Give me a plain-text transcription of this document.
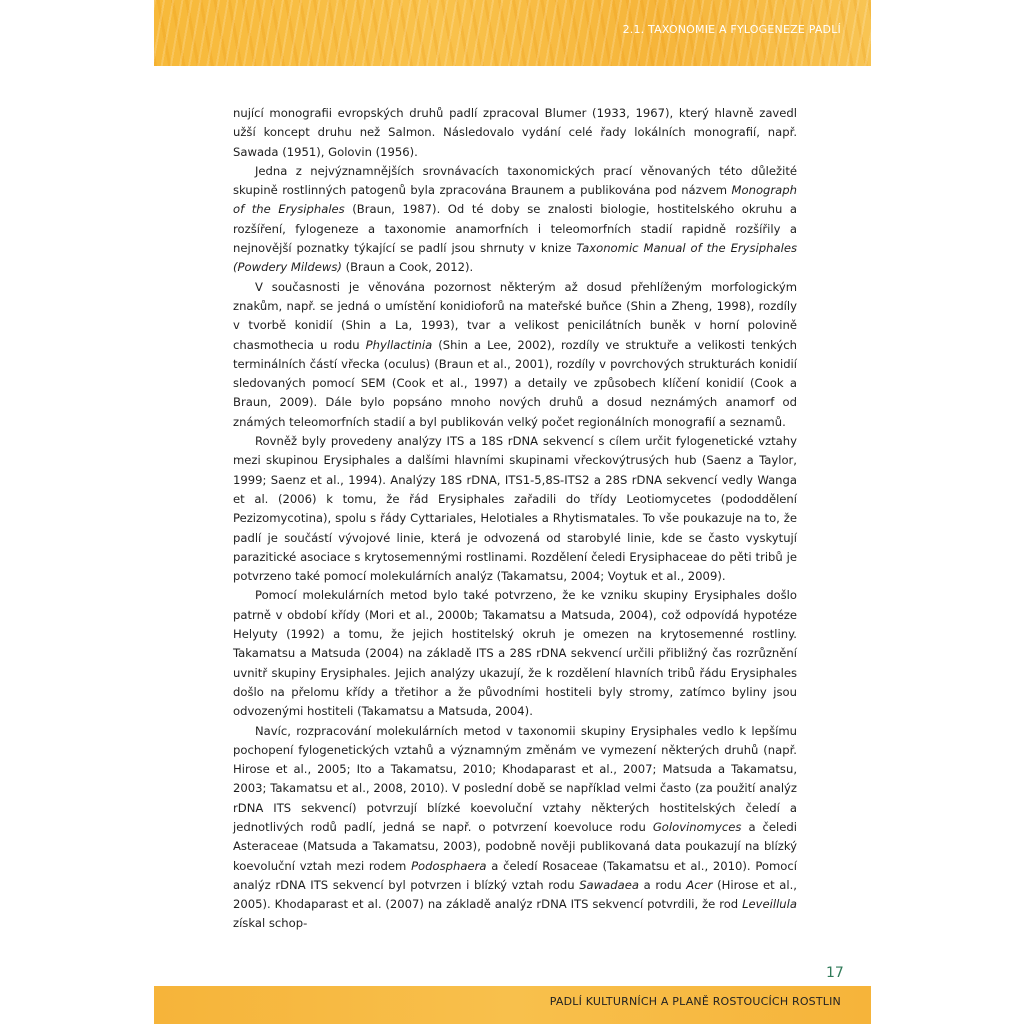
2.1. TAXONOMIE A FYLOGENEZE PADLÍ

nující monografii evropských druhů padlí zpracoval Blumer (1933, 1967), který hlavně zavedl užší koncept druhu než Salmon. Následovalo vydání celé řady lokálních monografií, např. Sawada (1951), Golovin (1956).

Jedna z nejvýznamnějších srovnávacích taxonomických prací věnovaných této důležité skupině rostlinných patogenů byla zpracována Braunem a publikována pod názvem Monograph of the Erysiphales (Braun, 1987). Od té doby se znalosti biologie, hostitelského okruhu a rozšíření, fylogeneze a taxonomie anamorfních i teleomorfních stadií rapidně rozšířily a nejnovější poznatky týkající se padlí jsou shrnuty v knize Taxonomic Manual of the Erysiphales (Powdery Mildews) (Braun a Cook, 2012).

V současnosti je věnována pozornost některým až dosud přehlíženým morfologickým znakům, např. se jedná o umístění konidioforů na mateřské buňce (Shin a Zheng, 1998), rozdíly v tvorbě konidií (Shin a La, 1993), tvar a velikost penicilátních buněk v horní polovině chasmothecia u rodu Phyllactinia (Shin a Lee, 2002), rozdíly ve struktuře a velikosti tenkých terminálních částí vřecka (oculus) (Braun et al., 2001), rozdíly v povrchových strukturách konidií sledovaných pomocí SEM (Cook et al., 1997) a detaily ve způsobech klíčení konidií (Cook a Braun, 2009). Dále bylo popsáno mnoho nových druhů a dosud neznámých anamorf od známých teleomorfních stadií a byl publikován velký počet regionálních monografií a seznamů.

Rovněž byly provedeny analýzy ITS a 18S rDNA sekvencí s cílem určit fylogenetické vztahy mezi skupinou Erysiphales a dalšími hlavními skupinami vřeckovýtrusých hub (Saenz a Taylor, 1999; Saenz et al., 1994). Analýzy 18S rDNA, ITS1-5,8S-ITS2 a 28S rDNA sekvencí vedly Wanga et al. (2006) k tomu, že řád Erysiphales zařadili do třídy Leotiomycetes (pododdělení Pezizomycotina), spolu s řády Cyttariales, Helotiales a Rhytismatales. To vše poukazuje na to, že padlí je součástí vývojové linie, která je odvozená od starobylé linie, kde se často vyskytují parazitické asociace s krytosemennými rostlinami. Rozdělení čeledi Erysiphaceae do pěti tribů je potvrzeno také pomocí molekulárních analýz (Takamatsu, 2004; Voytuk et al., 2009).

Pomocí molekulárních metod bylo také potvrzeno, že ke vzniku skupiny Erysiphales došlo patrně v období křídy (Mori et al., 2000b; Takamatsu a Matsuda, 2004), což odpovídá hypotéze Helyuty (1992) a tomu, že jejich hostitelský okruh je omezen na krytosemenné rostliny. Takamatsu a Matsuda (2004) na základě ITS a 28S rDNA sekvencí určili přibližný čas rozrůznění uvnitř skupiny Erysiphales. Jejich analýzy ukazují, že k rozdělení hlavních tribů řádu Erysiphales došlo na přelomu křídy a třetihor a že původními hostiteli byly stromy, zatímco byliny jsou odvozenými hostiteli (Takamatsu a Matsuda, 2004).

Navíc, rozpracování molekulárních metod v taxonomii skupiny Erysiphales vedlo k lepšímu pochopení fylogenetických vztahů a významným změnám ve vymezení některých druhů (např. Hirose et al., 2005; Ito a Takamatsu, 2010; Khodaparast et al., 2007; Matsuda a Takamatsu, 2003; Takamatsu et al., 2008, 2010). V poslední době se například velmi často (za použití analýz rDNA ITS sekvencí) potvrzují blízké koevoluční vztahy některých hostitelských čeledí a jednotlivých rodů padlí, jedná se např. o potvrzení koevoluce rodu Golovinomyces a čeledi Asteraceae (Matsuda a Takamatsu, 2003), podobně nověji publikovaná data poukazují na blízký koevoluční vztah mezi rodem Podosphaera a čeledí Rosaceae (Takamatsu et al., 2010). Pomocí analýz rDNA ITS sekvencí byl potvrzen i blízký vztah rodu Sawadaea a rodu Acer (Hirose et al., 2005). Khodaparast et al. (2007) na základě analýz rDNA ITS sekvencí potvrdili, že rod Leveillula získal schop-

17
PADLÍ KULTURNÍCH A PLANĚ ROSTOUCÍCH ROSTLIN
